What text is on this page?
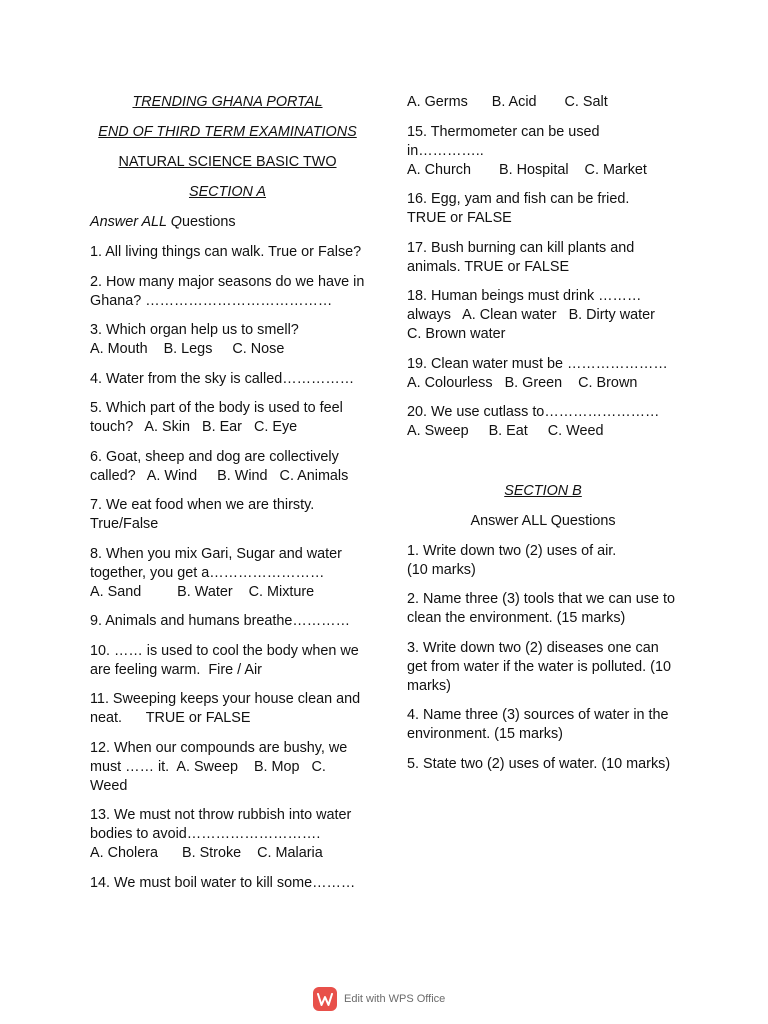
TRENDING GHANA PORTAL
END OF THIRD TERM EXAMINATIONS
NATURAL SCIENCE BASIC TWO
SECTION A
Answer ALL Questions
1. All living things can walk. True or False?
2. How many major seasons do we have in Ghana? …………………………………
3. Which organ help us to smell?
A. Mouth    B. Legs     C. Nose
4. Water from the sky is called……………
5. Which part of the body is used to feel touch?   A. Skin   B. Ear   C. Eye
6. Goat, sheep and dog are collectively called?   A. Wind     B. Wind   C. Animals
7. We eat food when we are thirsty. True/False
8. When you mix Gari, Sugar and water together, you get a……………………       A. Sand         B. Water    C. Mixture
9. Animals and humans breathe…………
10. …… is used to cool the body when we are feeling warm.  Fire / Air
11. Sweeping keeps your house clean and neat.      TRUE or FALSE
12. When our compounds are bushy, we must …… it.  A. Sweep    B. Mop   C. Weed
13. We must not throw rubbish into water bodies to avoid……………………….
A. Cholera      B. Stroke    C. Malaria
14. We must boil water to kill some………
A. Germs      B. Acid       C. Salt
15. Thermometer can be used in…………..
A. Church       B. Hospital    C. Market
16. Egg, yam and fish can be fried.
TRUE or FALSE
17. Bush burning can kill plants and animals. TRUE or FALSE
18. Human beings must drink ………
always   A. Clean water   B. Dirty water
C. Brown water
19. Clean water must be …………………    A. Colourless   B. Green    C. Brown
20. We use cutlass to……………………      A. Sweep     B. Eat     C. Weed
SECTION B
Answer ALL Questions
1. Write down two (2) uses of air.
(10 marks)
2. Name three (3) tools that we can use to clean the environment. (15 marks)
3. Write down two (2) diseases one can get from water if the water is polluted. (10 marks)
4. Name three (3) sources of water in the environment. (15 marks)
5. State two (2) uses of water. (10 marks)
Edit with WPS Office
